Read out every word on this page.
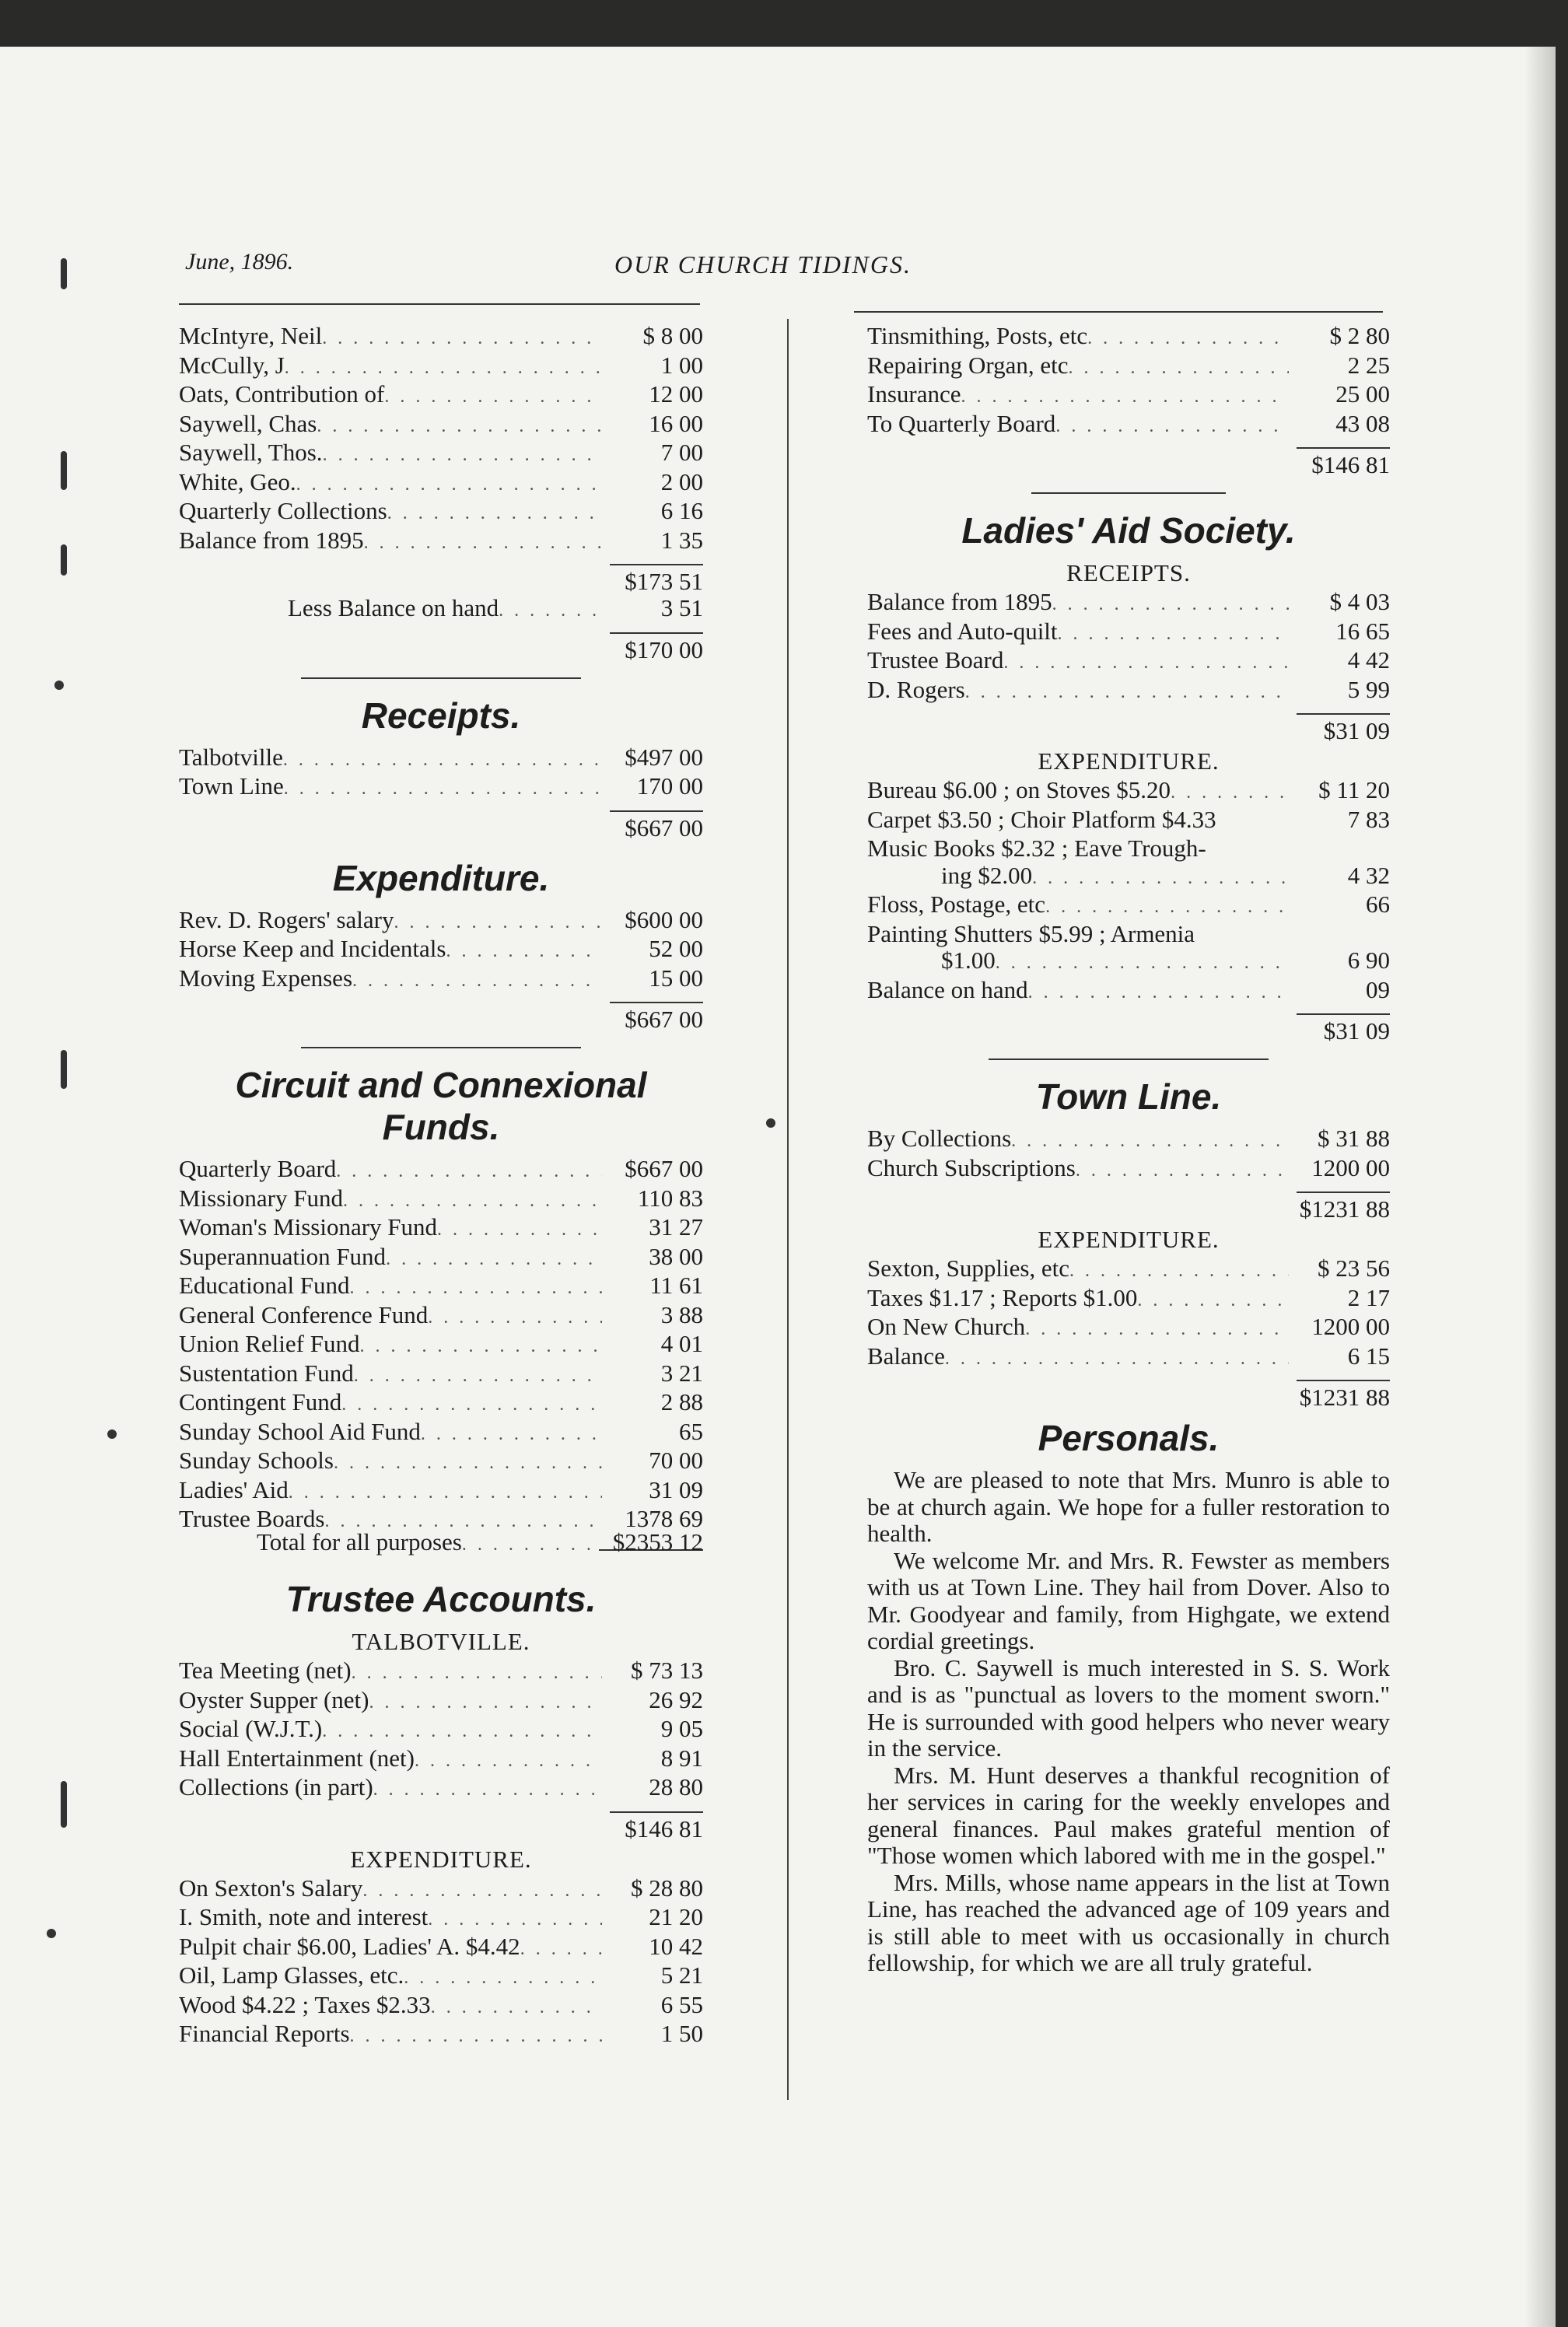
June, 1896.	OUR CHURCH TIDINGS.
McIntyre, Neil . . .	$ 8 00
McCully, J . . .	1 00
Oats, Contribution of . . .	12 00
Saywell, Chas . . .	16 00
Saywell, Thos. . . .	7 00
White, Geo. . . .	2 00
Quarterly Collections . . .	6 16
Balance from 1895 . . .	1 35
$173 51
Less Balance on hand . . .	3 51
$170 00
Receipts.
Talbotville . . .	$497 00
Town Line . . .	170 00
$667 00
Expenditure.
Rev. D. Rogers' salary . . .	$600 00
Horse Keep and Incidentals . . .	52 00
Moving Expenses . . .	15 00
$667 00
Circuit and Connexional Funds.
Quarterly Board . . .	$667 00
Missionary Fund . . .	110 83
Woman's Missionary Fund . . .	31 27
Superannuation Fund . . .	38 00
Educational Fund . . .	11 61
General Conference Fund . . .	3 88
Union Relief Fund . . .	4 01
Sustentation Fund . . .	3 21
Contingent Fund . . .	2 88
Sunday School Aid Fund . . .	65
Sunday Schools . . .	70 00
Ladies' Aid . . .	31 09
Trustee Boards . . .	1378 69
Total for all purposes . . .	$2353 12
Trustee Accounts.
TALBOTVILLE.
Tea Meeting (net) . . .	$ 73 13
Oyster Supper (net) . . .	26 92
Social (W.J.T.) . . .	9 05
Hall Entertainment (net) . . .	8 91
Collections (in part) . . .	28 80
$146 81
EXPENDITURE.
On Sexton's Salary . . .	$ 28 80
I. Smith, note and interest . . .	21 20
Pulpit chair $6.00, Ladies' A. $4.42 . . .	10 42
Oil, Lamp Glasses, etc. . . .	5 21
Wood $4.22 ; Taxes $2.33 . . .	6 55
Financial Reports . . .	1 50
Tinsmithing, Posts, etc . . .	$ 2 80
Repairing Organ, etc . . .	2 25
Insurance . . .	25 00
To Quarterly Board . . .	43 08
$146 81
Ladies' Aid Society.
RECEIPTS.
Balance from 1895 . . .	$ 4 03
Fees and Auto-quilt . . .	16 65
Trustee Board . . .	4 42
D. Rogers . . .	5 99
$31 09
EXPENDITURE.
Bureau $6.00 ; on Stoves $5.20 . . .	$ 11 20
Carpet $3.50 ; Choir Platform $4.33	7 83
Music Books $2.32 ; Eave Trough-
ing $2.00 . . .	4 32
Floss, Postage, etc . . .	66
Painting Shutters $5.99 ; Armenia
$1.00 . . .	6 90
Balance on hand . . .	09
$31 09
Town Line.
By Collections . . .	$ 31 88
Church Subscriptions . . .	1200 00
$1231 88
EXPENDITURE.
Sexton, Supplies, etc . . .	$ 23 56
Taxes $1.17 ; Reports $1.00 . . .	2 17
On New Church . . .	1200 00
Balance . . .	6 15
$1231 88
Personals.

We are pleased to note that Mrs. Munro is able to be at church again. We hope for a fuller restoration to health.

We welcome Mr. and Mrs. R. Fewster as members with us at Town Line. They hail from Dover. Also to Mr. Goodyear and family, from Highgate, we extend cordial greetings.

Bro. C. Saywell is much interested in S. S. Work and is as "punctual as lovers to the moment sworn." He is surrounded with good helpers who never weary in the service.

Mrs. M. Hunt deserves a thankful recognition of her services in caring for the weekly envelopes and general finances. Paul makes grateful mention of "Those women which labored with me in the gospel."

Mrs. Mills, whose name appears in the list at Town Line, has reached the advanced age of 109 years and is still able to meet with us occasionally in church fellowship, for which we are all truly grateful.
